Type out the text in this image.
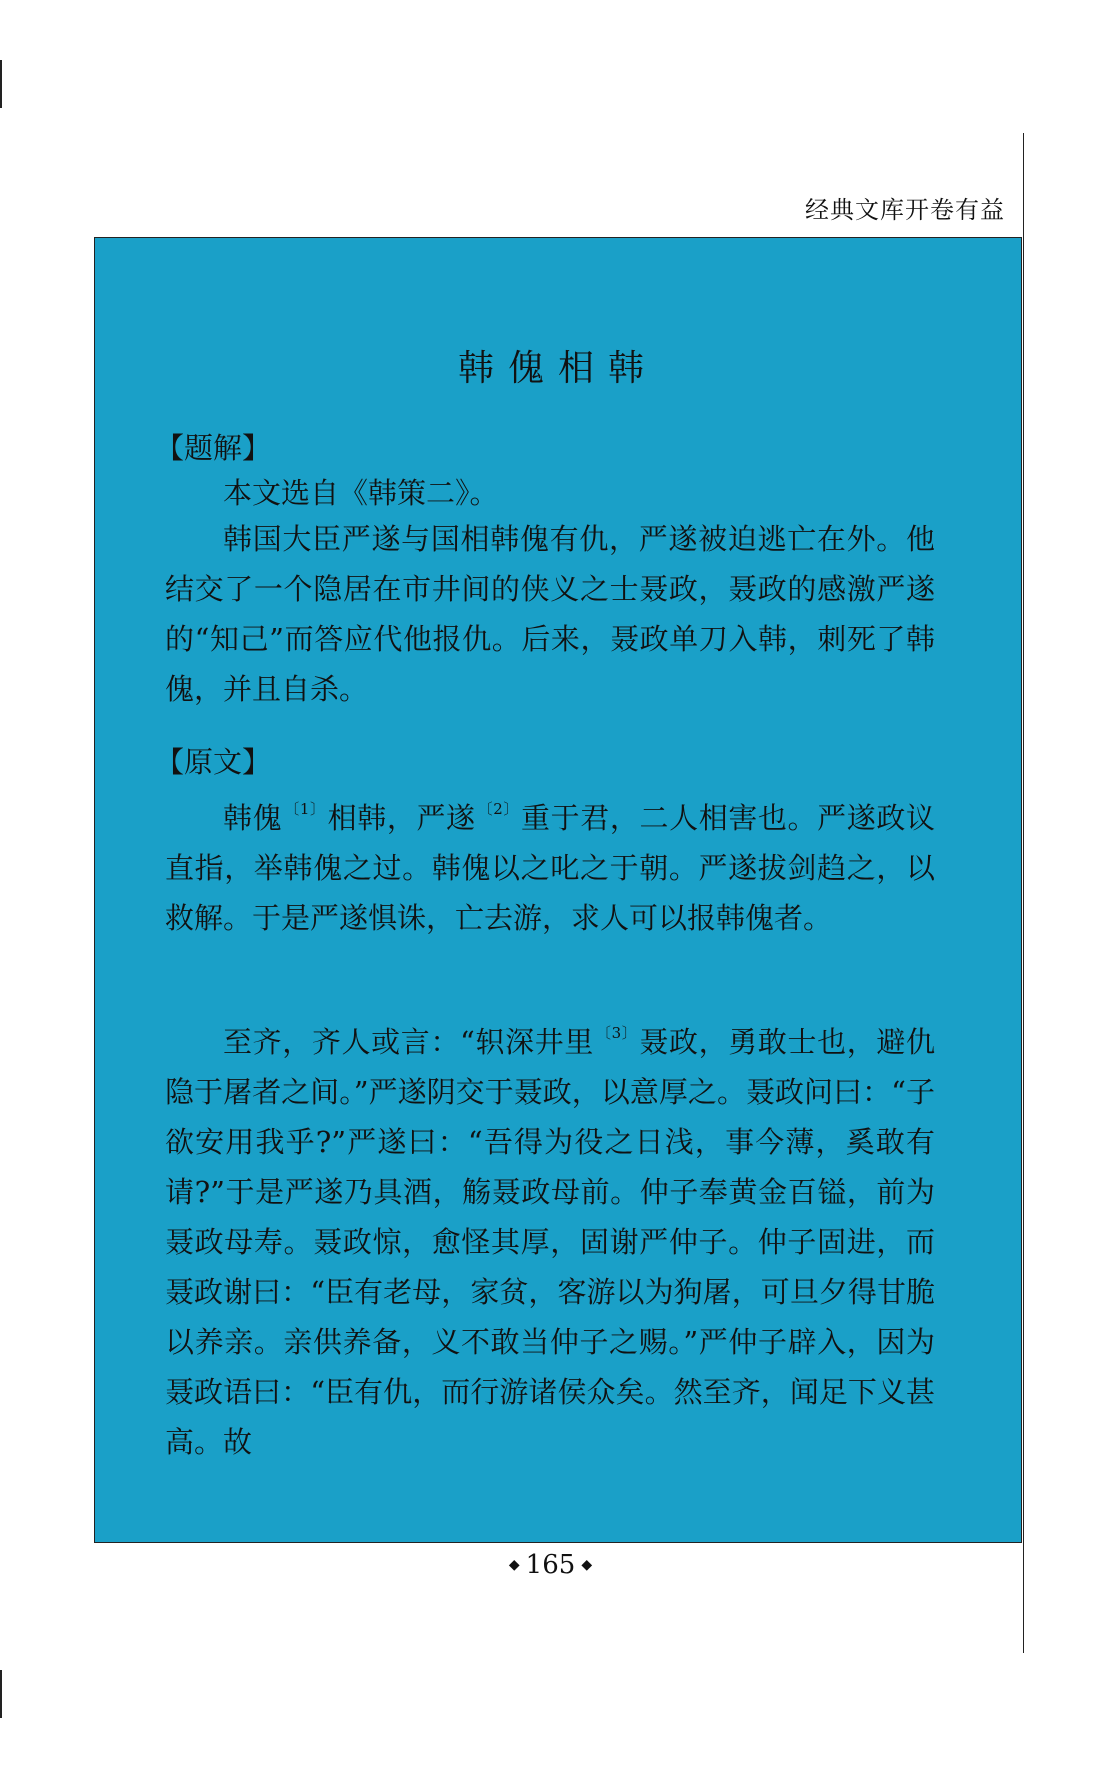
经典文库开卷有益
韩傀相韩
【题解】
本文选自《韩策二》。
韩国大臣严遂与国相韩傀有仇，严遂被迫逃亡在外。他结交了一个隐居在市井间的侠义之士聂政，聂政的感激严遂的“知己”而答应代他报仇。后来，聂政单刀入韩，刺死了韩傀，并且自杀。
【原文】
韩傀 $^{〔1〕}$相韩，严遂 $^{〔2〕}$重于君，二人相害也。严遂政议直指，举韩傀之过。韩傀以之叱之于朝。严遂拔剑趋之，以救解。于是严遂惧诛，亡去游，求人可以报韩傀者。
至齐，齐人或言：“轵深井里 $^{〔3〕}$聂政，勇敢士也，避仇隐于屠者之间。”严遂阴交于聂政，以意厚之。聂政问曰：“子欲安用我乎?”严遂曰：“吾得为役之日浅，事今薄，奚敢有请?”于是严遂乃具酒，觞聂政母前。仲子奉黄金百镒，前为聂政母寿。聂政惊，愈怪其厚，固谢严仲子。仲子固进，而聂政谢曰：“臣有老母，家贫，客游以为狗屠，可旦夕得甘脆以养亲。亲供养备，义不敢当仲子之赐。”严仲子辟入，因为聂政语曰：“臣有仇，而行游诸侯众矣。然至齐，闻足下义甚高。故
◆ 165 ◆
